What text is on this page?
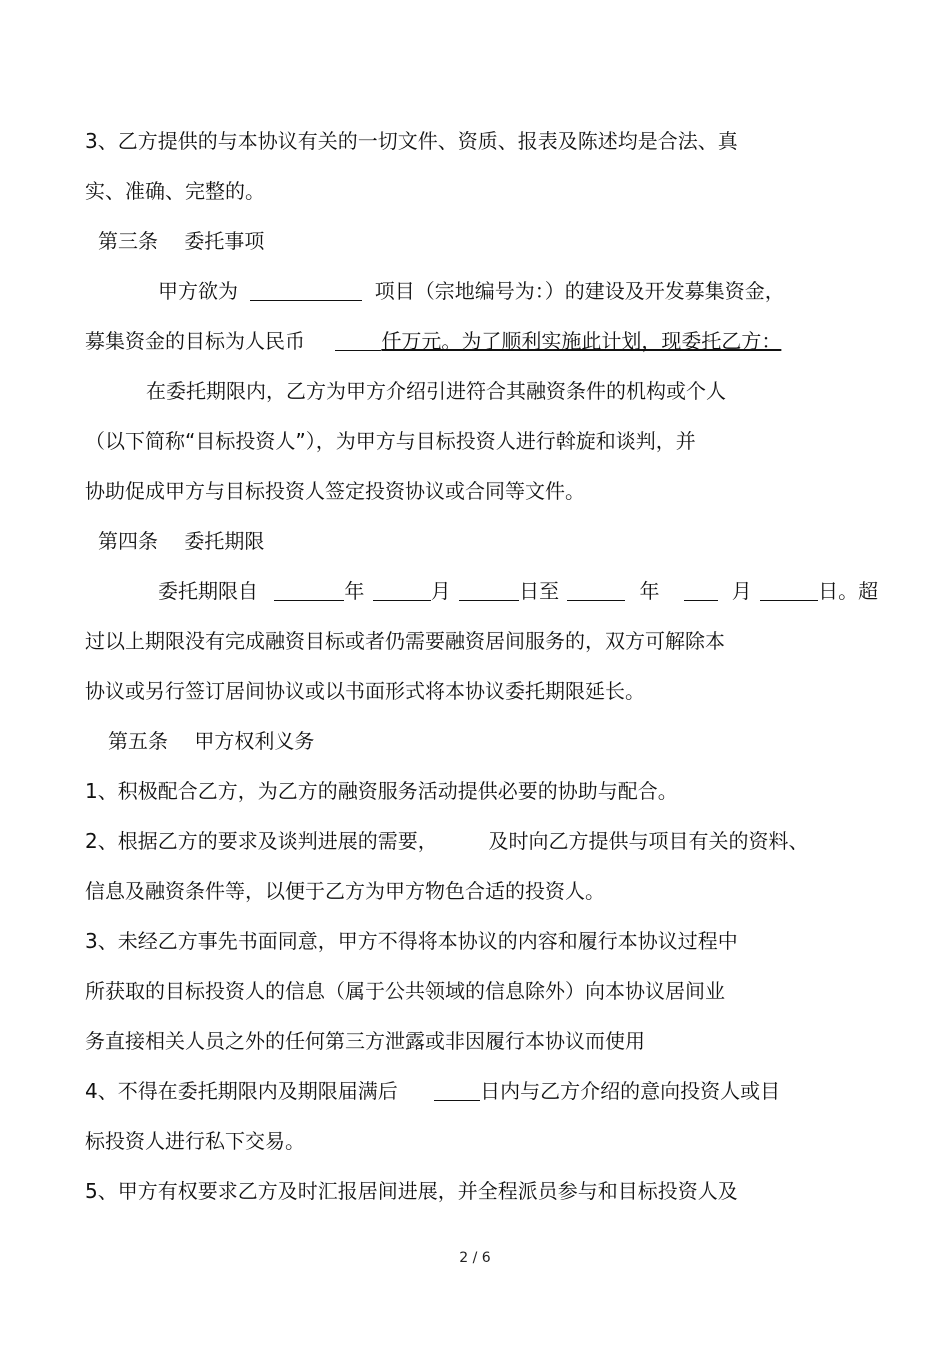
3、乙方提供的与本协议有关的一切文件、资质、报表及陈述均是合法、真
实、准确、完整的。
第三条　 委托事项
甲方欲为	项目（宗地编号为：）的建设及开发募集资金，
募集资金的目标为人民币	仟万元。为了顺利实施此计划，现委托乙方：
在委托期限内，乙方为甲方介绍引进符合其融资条件的机构或个人
（以下简称“目标投资人”），为甲方与目标投资人进行斡旋和谈判，并
协助促成甲方与目标投资人签定投资协议或合同等文件。
第四条　 委托期限
委托期限自	年	月	日至	年	月	日。超
过以上期限没有完成融资目标或者仍需要融资居间服务的，双方可解除本
协议或另行签订居间协议或以书面形式将本协议委托期限延长。
第五条　 甲方权利义务
1、积极配合乙方，为乙方的融资服务活动提供必要的协助与配合。
2、根据乙方的要求及谈判进展的需要，	及时向乙方提供与项目有关的资料、
信息及融资条件等，以便于乙方为甲方物色合适的投资人。
3、未经乙方事先书面同意，甲方不得将本协议的内容和履行本协议过程中
所获取的目标投资人的信息（属于公共领域的信息除外）向本协议居间业
务直接相关人员之外的任何第三方泄露或非因履行本协议而使用
4、不得在委托期限内及期限届满后	日内与乙方介绍的意向投资人或目
标投资人进行私下交易。
5、甲方有权要求乙方及时汇报居间进展，并全程派员参与和目标投资人及
2 / 6
